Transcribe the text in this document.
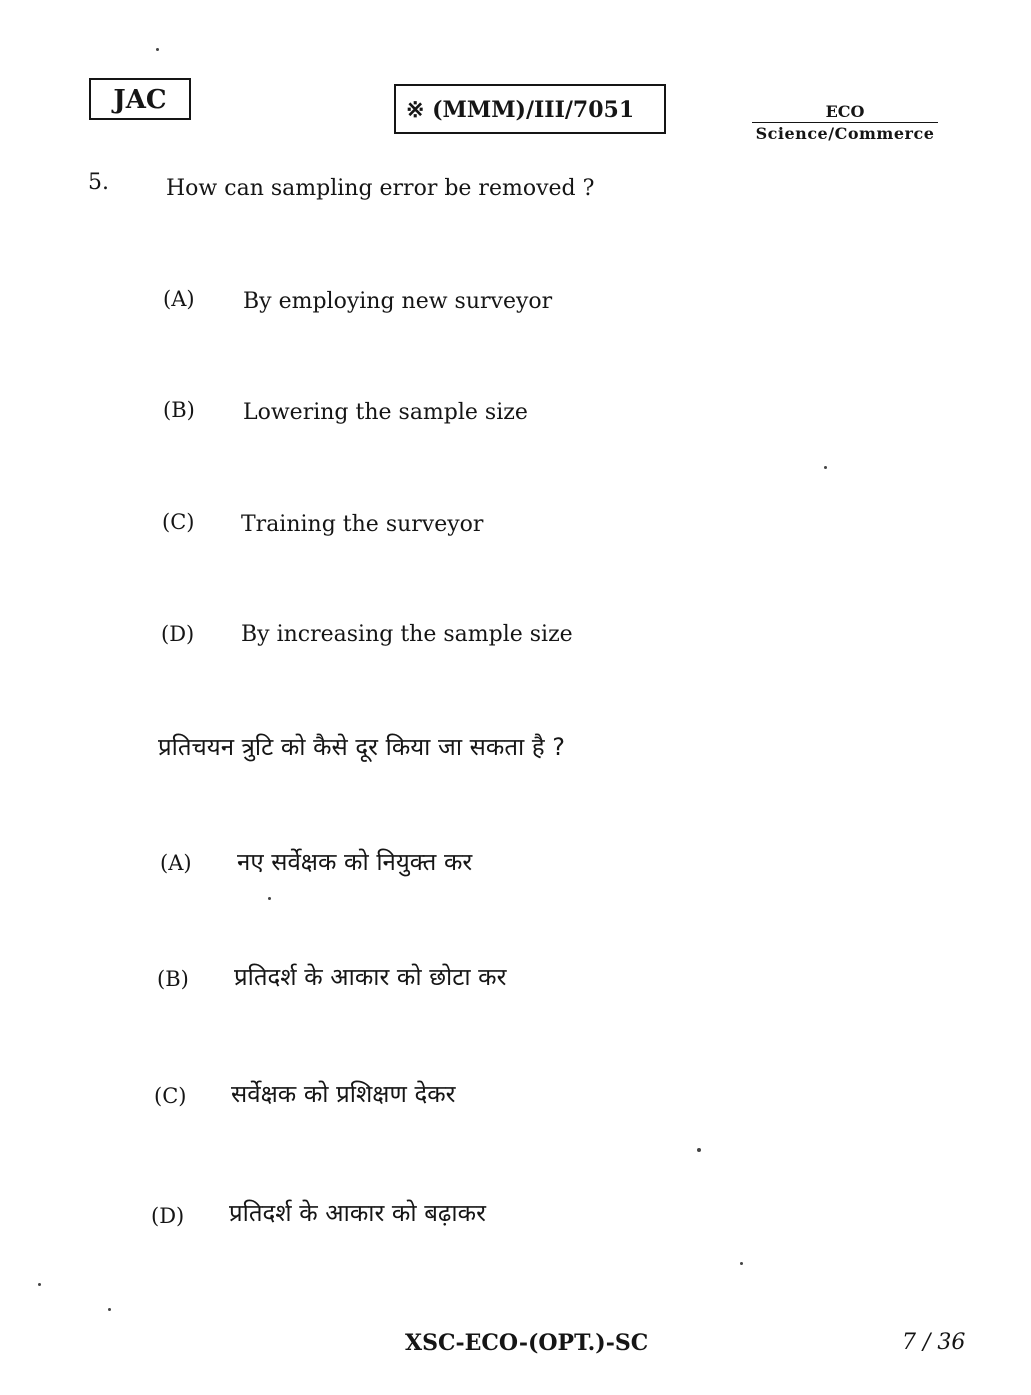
JAC	※ (MMM)/III/7051	ECO
Science/Commerce
5.	How can sampling error be removed ?
(A) By employing new surveyor
(B) Lowering the sample size
(C) Training the surveyor
(D) By increasing the sample size
प्रतिचयन त्रुटि को कैसे दूर किया जा सकता है ?
(A) नए सर्वेक्षक को नियुक्त कर
(B) प्रतिदर्श के आकार को छोटा कर
(C) सर्वेक्षक को प्रशिक्षण देकर
(D) प्रतिदर्श के आकार को बढ़ाकर
XSC-ECO-(OPT.)-SC	7 / 36
